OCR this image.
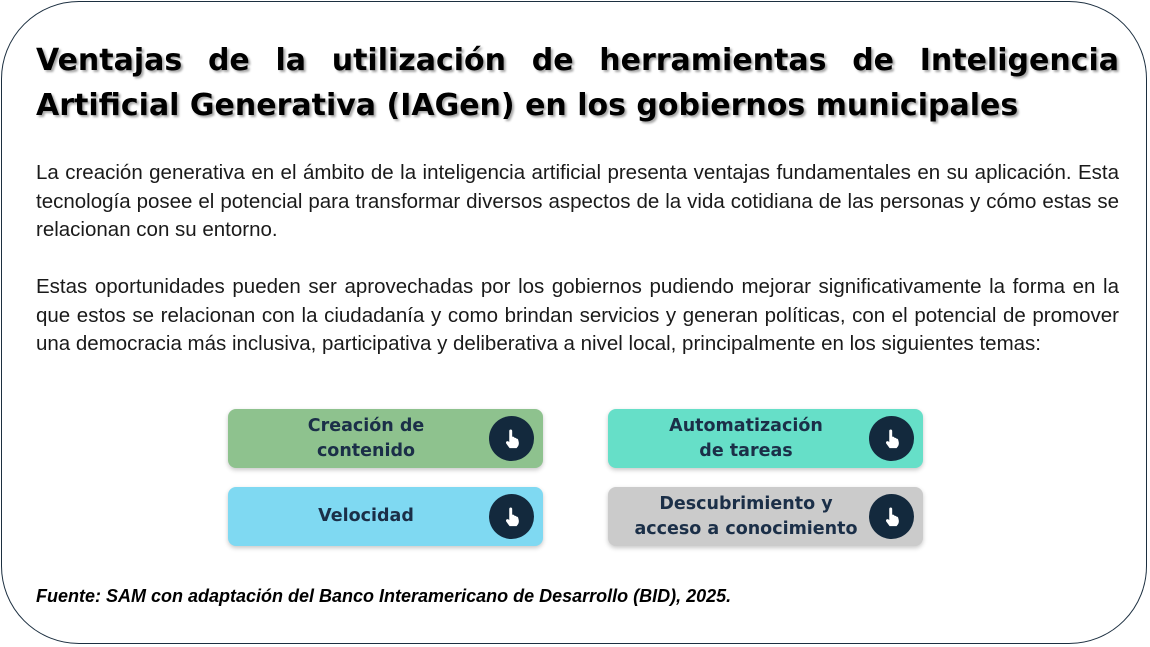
Ventajas de la utilización de herramientas de Inteligencia Artificial Generativa (IAGen) en los gobiernos municipales

La creación generativa en el ámbito de la inteligencia artificial presenta ventajas fundamentales en su aplicación. Esta tecnología posee el potencial para transformar diversos aspectos de la vida cotidiana de las personas y cómo estas se relacionan con su entorno.

Estas oportunidades pueden ser aprovechadas por los gobiernos pudiendo mejorar significativamente la forma en la que estos se relacionan con la ciudadanía y como brindan servicios y generan políticas, con el potencial de promover una democracia más inclusiva, participativa y deliberativa a nivel local, principalmente en los siguientes temas:

Creación de
contenido
Automatización
de tareas
Velocidad
Descubrimiento y
acceso a conocimiento

Fuente: SAM con adaptación del Banco Interamericano de Desarrollo (BID), 2025.
